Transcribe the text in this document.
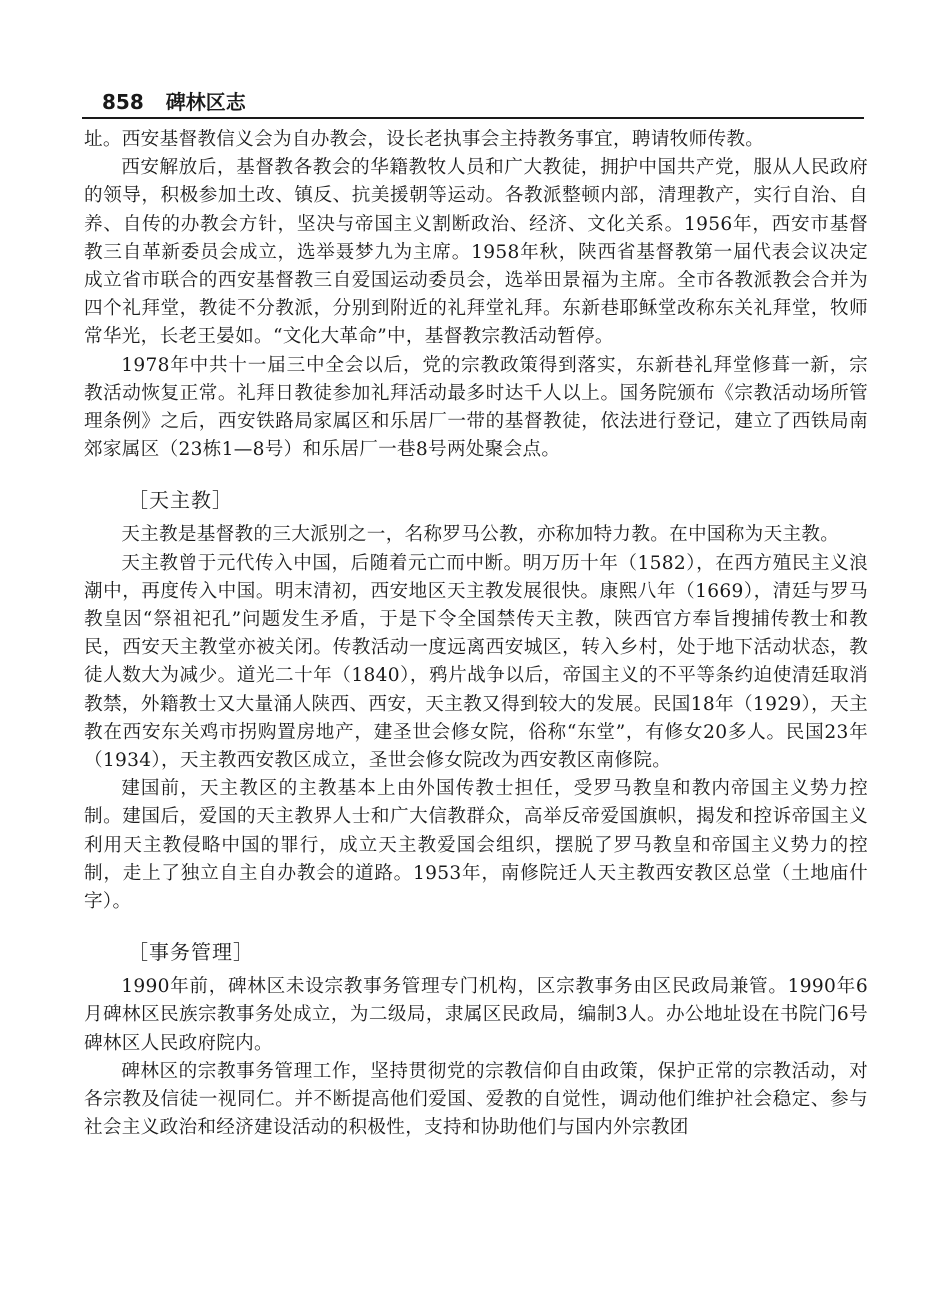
858 碑林区志

址。西安基督教信义会为自办教会，设长老执事会主持教务事宜，聘请牧师传教。

西安解放后，基督教各教会的华籍教牧人员和广大教徒，拥护中国共产党，服从人民政府的领导，积极参加土改、镇反、抗美援朝等运动。各教派整顿内部，清理教产，实行自治、自养、自传的办教会方针，坚决与帝国主义割断政治、经济、文化关系。1956年，西安市基督教三自革新委员会成立，选举聂梦九为主席。1958年秋，陕西省基督教第一届代表会议决定成立省市联合的西安基督教三自爱国运动委员会，选举田景福为主席。全市各教派教会合并为四个礼拜堂，教徒不分教派，分别到附近的礼拜堂礼拜。东新巷耶稣堂改称东关礼拜堂，牧师常华光，长老王晏如。“文化大革命”中，基督教宗教活动暂停。

1978年中共十一届三中全会以后，党的宗教政策得到落实，东新巷礼拜堂修葺一新，宗教活动恢复正常。礼拜日教徒参加礼拜活动最多时达千人以上。国务院颁布《宗教活动场所管理条例》之后，西安铁路局家属区和乐居厂一带的基督教徒，依法进行登记，建立了西铁局南郊家属区（23栋1—8号）和乐居厂一巷8号两处聚会点。

［天主教］

天主教是基督教的三大派别之一，名称罗马公教，亦称加特力教。在中国称为天主教。

天主教曾于元代传入中国，后随着元亡而中断。明万历十年（1582），在西方殖民主义浪潮中，再度传入中国。明末清初，西安地区天主教发展很快。康熙八年（1669），清廷与罗马教皇因“祭祖祀孔”问题发生矛盾，于是下令全国禁传天主教，陕西官方奉旨搜捕传教士和教民，西安天主教堂亦被关闭。传教活动一度远离西安城区，转入乡村，处于地下活动状态，教徒人数大为减少。道光二十年（1840），鸦片战争以后，帝国主义的不平等条约迫使清廷取消教禁，外籍教士又大量涌人陕西、西安，天主教又得到较大的发展。民国18年（1929），天主教在西安东关鸡市拐购置房地产，建圣世会修女院，俗称“东堂”，有修女20多人。民国23年（1934），天主教西安教区成立，圣世会修女院改为西安教区南修院。

建国前，天主教区的主教基本上由外国传教士担任，受罗马教皇和教内帝国主义势力控制。建国后，爱国的天主教界人士和广大信教群众，高举反帝爱国旗帜，揭发和控诉帝国主义利用天主教侵略中国的罪行，成立天主教爱国会组织，摆脱了罗马教皇和帝国主义势力的控制，走上了独立自主自办教会的道路。1953年，南修院迁人天主教西安教区总堂（土地庙什字）。

［事务管理］

1990年前，碑林区未设宗教事务管理专门机构，区宗教事务由区民政局兼管。1990年6月碑林区民族宗教事务处成立，为二级局，隶属区民政局，编制3人。办公地址设在书院门6号碑林区人民政府院内。

碑林区的宗教事务管理工作，坚持贯彻党的宗教信仰自由政策，保护正常的宗教活动，对各宗教及信徒一视同仁。并不断提高他们爱国、爱教的自觉性，调动他们维护社会稳定、参与社会主义政治和经济建设活动的积极性，支持和协助他们与国内外宗教团
